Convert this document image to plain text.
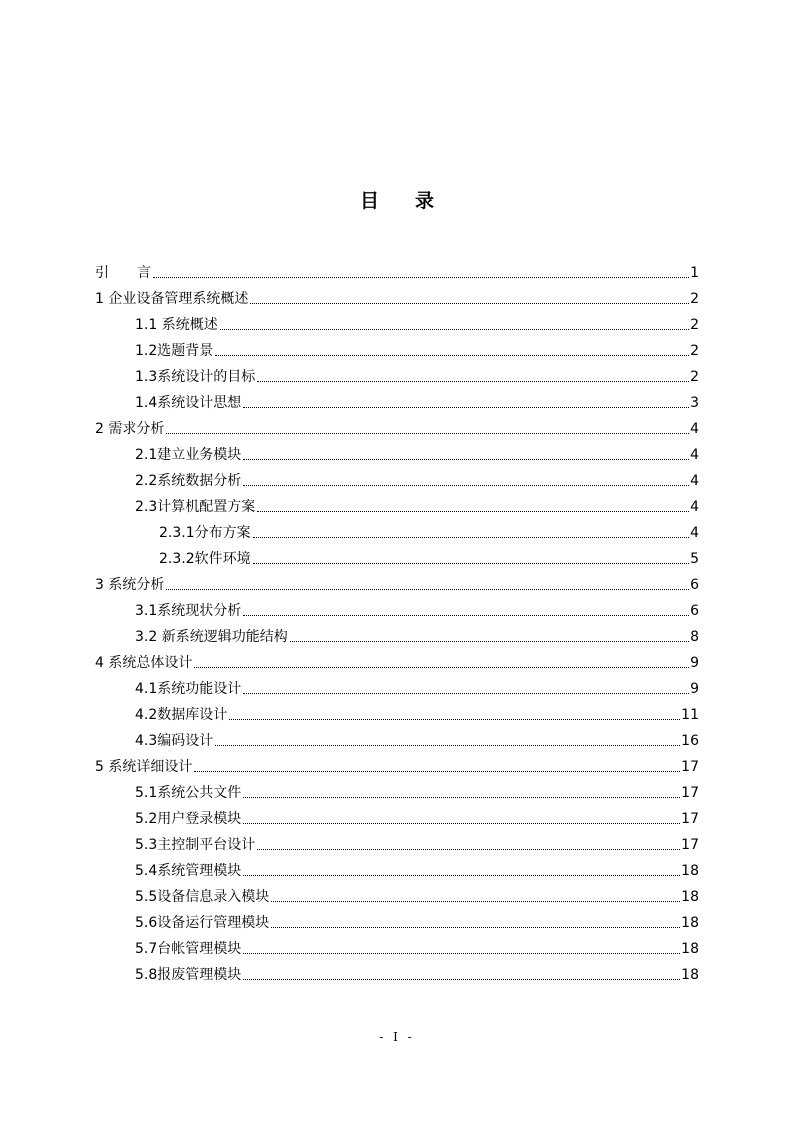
目录
引　　言	1
1 企业设备管理系统概述	2
1.1 系统概述	2
1.2选题背景	2
1.3系统设计的目标	2
1.4系统设计思想	3
2 需求分析	4
2.1建立业务模块	4
2.2系统数据分析	4
2.3计算机配置方案	4
2.3.1分布方案	4
2.3.2软件环境	5
3 系统分析	6
3.1系统现状分析	6
3.2 新系统逻辑功能结构	8
4 系统总体设计	9
4.1系统功能设计	9
4.2数据库设计	11
4.3编码设计	16
5 系统详细设计	17
5.1系统公共文件	17
5.2用户登录模块	17
5.3主控制平台设计	17
5.4系统管理模块	18
5.5设备信息录入模块	18
5.6设备运行管理模块	18
5.7台帐管理模块	18
5.8报废管理模块	18
- I -
